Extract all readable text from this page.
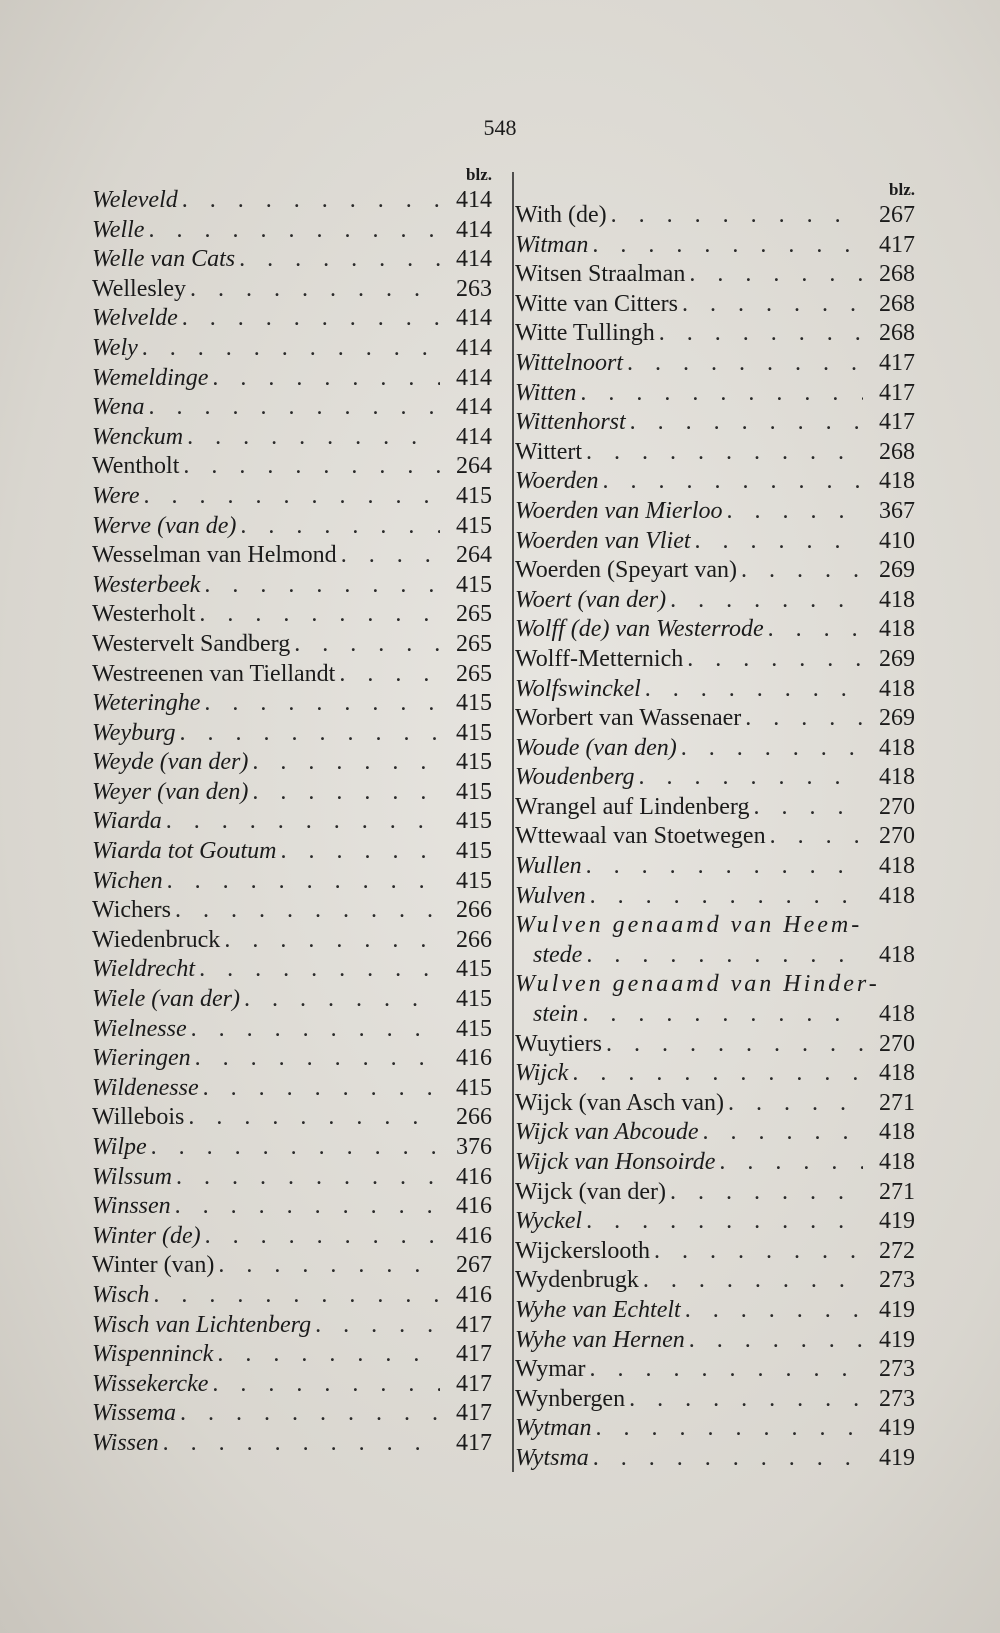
548
blz.
Weleveld . . .	414
Welle . . .	414
Welle van Cats . . .	414
Wellesley . . .	263
Welvelde . . .	414
Wely . . .	414
Wemeldinge . . .	414
Wena . . .	414
Wenckum . . .	414
Wentholt . . .	264
Were . . .	415
Werve (van de) . . .	415
Wesselman van Helmond . . .	264
Westerbeek . . .	415
Westerholt . . .	265
Westervelt Sandberg . . .	265
Westreenen van Tiellandt . . .	265
Weteringhe . . .	415
Weyburg . . .	415
Weyde (van der) . . .	415
Weyer (van den) . . .	415
Wiarda . . .	415
Wiarda tot Goutum . . .	415
Wichen . . .	415
Wichers . . .	266
Wiedenbruck . . .	266
Wieldrecht . . .	415
Wiele (van der) . . .	415
Wielnesse . . .	415
Wieringen . . .	416
Wildenesse . . .	415
Willebois . . .	266
Wilpe . . .	376
Wilssum . . .	416
Winssen . . .	416
Winter (de) . . .	416
Winter (van) . . .	267
Wisch . . .	416
Wisch van Lichtenberg . . .	417
Wispenninck . . .	417
Wissekercke . . .	417
Wissema . . .	417
Wissen . . .	417
blz.
With (de) . . .	267
Witman . . .	417
Witsen Straalman . . .	268
Witte van Citters . . .	268
Witte Tullingh . . .	268
Wittelnoort . . .	417
Witten . . .	417
Wittenhorst . . .	417
Wittert . . .	268
Woerden . . .	418
Woerden van Mierloo . . .	367
Woerden van Vliet . . .	410
Woerden (Speyart van) . . .	269
Woert (van der) . . .	418
Wolff (de) van Westerrode . . .	418
Wolff-Metternich . . .	269
Wolfswinckel . . .	418
Worbert van Wassenaer . . .	269
Woude (van den) . . .	418
Woudenberg . . .	418
Wrangel auf Lindenberg . . .	270
Wttewaal van Stoetwegen . . .	270
Wullen . . .	418
Wulven . . .	418
Wulven genaamd van Heem-
stede . . .	418
Wulven genaamd van Hinder-
stein . . .	418
Wuytiers . . .	270
Wijck . . .	418
Wijck (van Asch van) . . .	271
Wijck van Abcoude . . .	418
Wijck van Honsoirde . . .	418
Wijck (van der) . . .	271
Wyckel . . .	419
Wijckerslooth . . .	272
Wydenbrugk . . .	273
Wyhe van Echtelt . . .	419
Wyhe van Hernen . . .	419
Wymar . . .	273
Wynbergen . . .	273
Wytman . . .	419
Wytsma . . .	419
